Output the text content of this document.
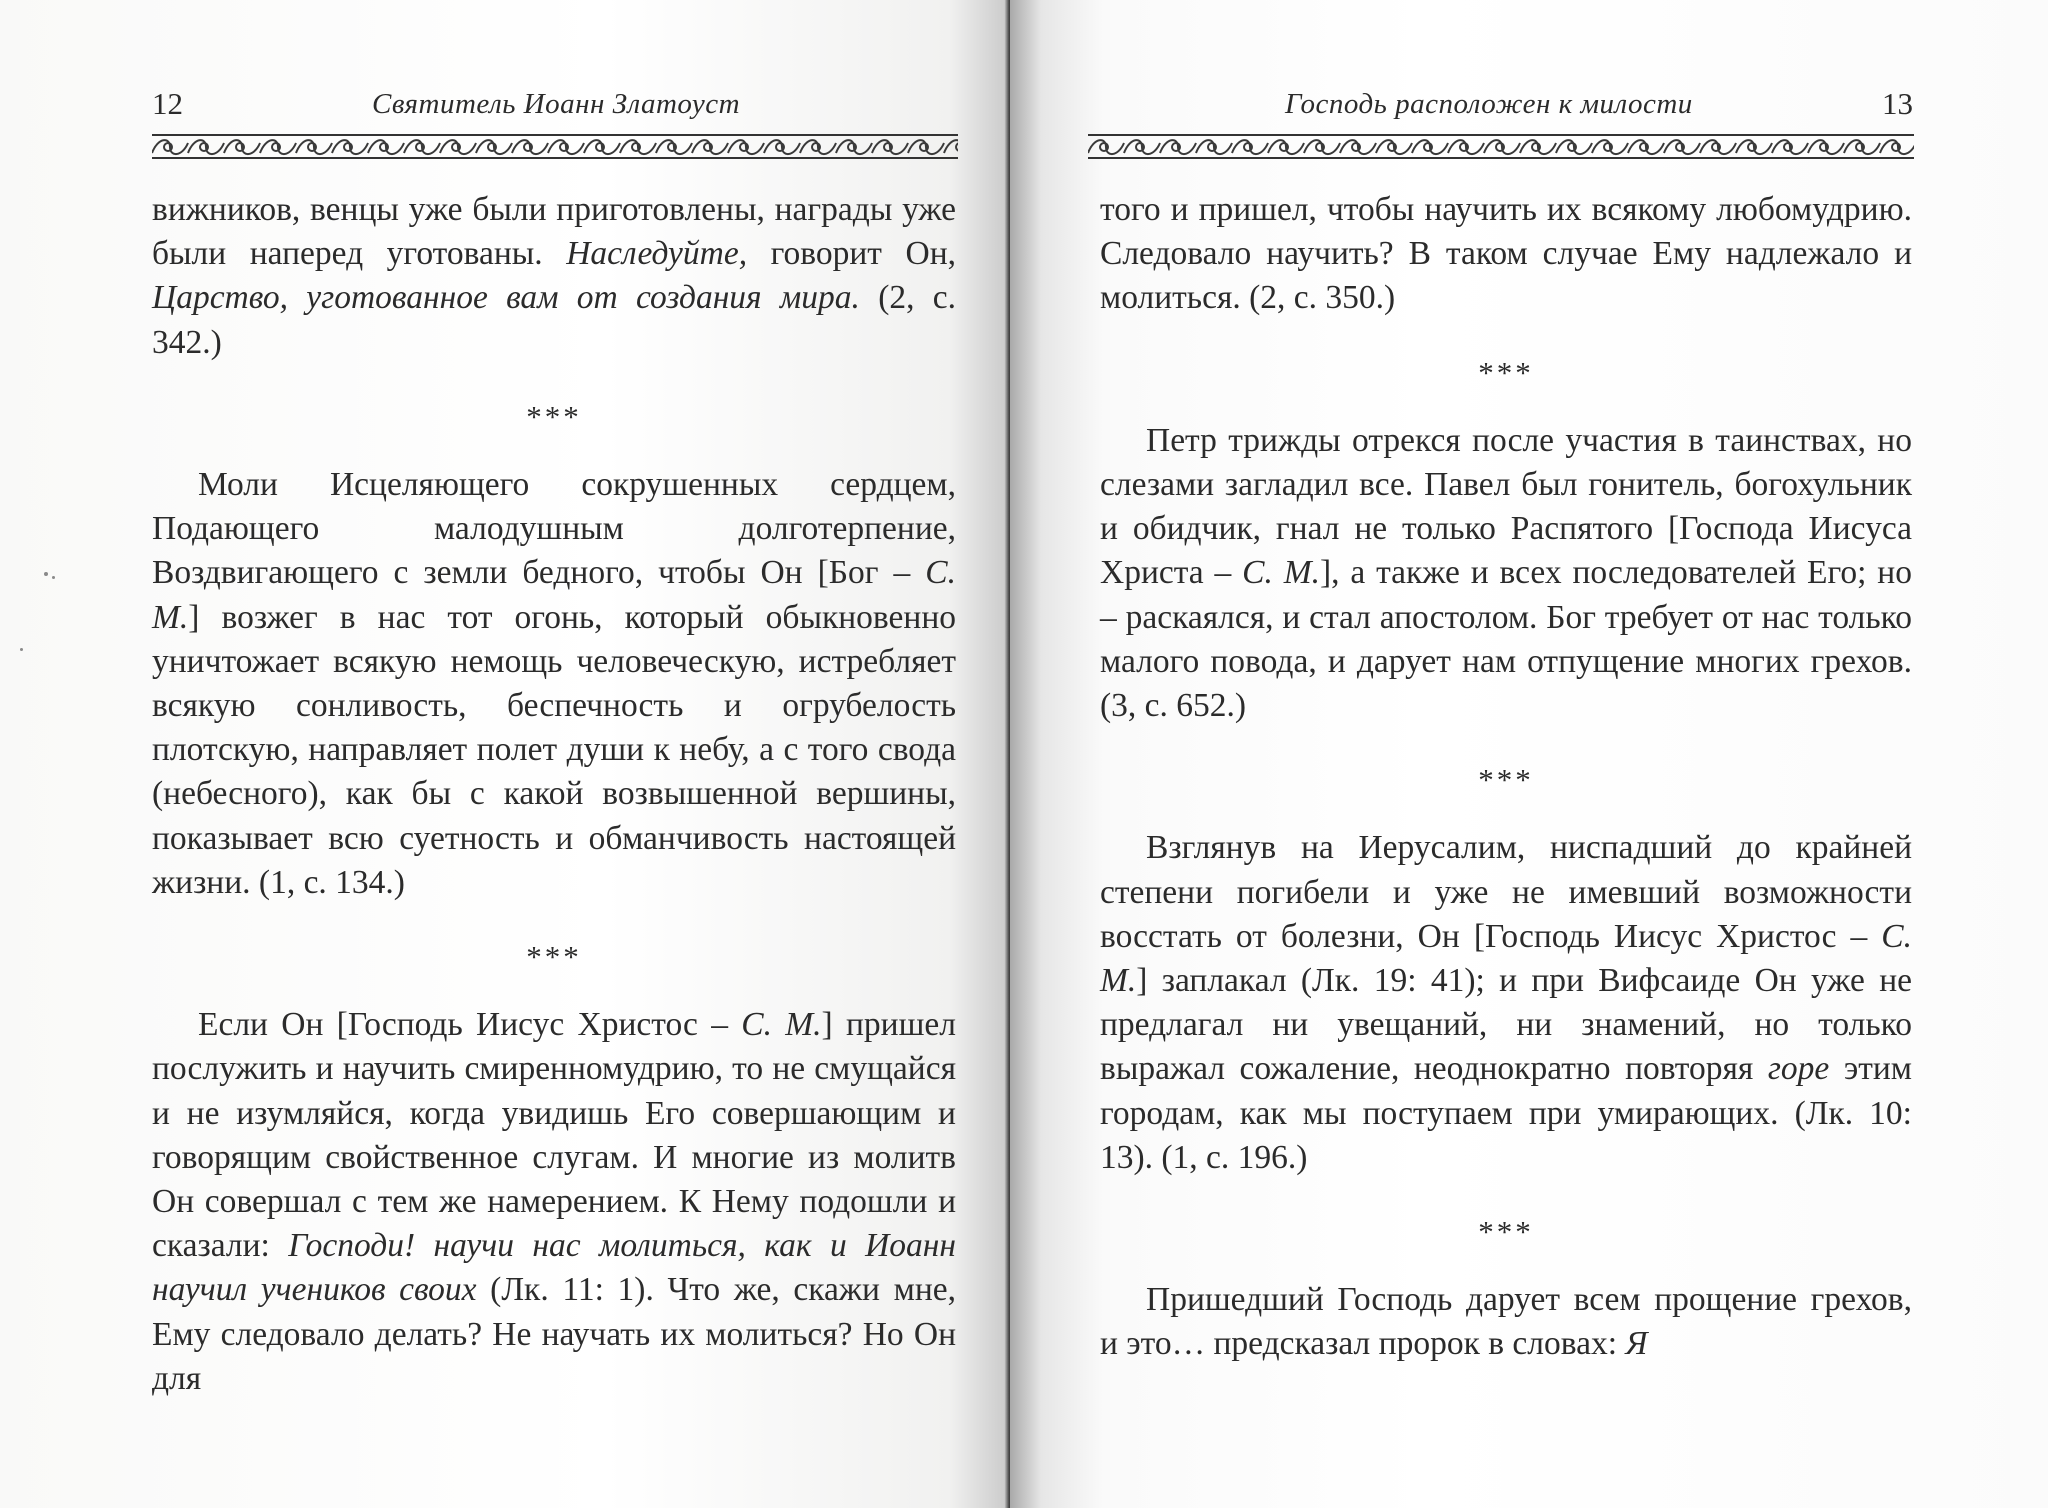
12	Святитель Иоанн Златоуст

вижников, венцы уже были приготовлены, награды уже были наперед уготованы. Наследуйте, говорит Он, Царство, уготованное вам от создания мира. (2, с. 342.)

***

Моли Исцеляющего сокрушенных сердцем, Подающего малодушным долготерпение, Воздвигающего с земли бедного, чтобы Он [Бог – С. М.] возжег в нас тот огонь, который обыкновенно уничтожает всякую немощь человеческую, истребляет всякую сонливость, беспечность и огрубелость плотскую, направляет полет души к небу, а с того свода (небесного), как бы с какой возвышенной вершины, показывает всю суетность и обманчивость настоящей жизни. (1, с. 134.)

***

Если Он [Господь Иисус Христос – С. М.] пришел послужить и научить смиренномудрию, то не смущайся и не изумляйся, когда увидишь Его совершающим и говорящим свойственное слугам. И многие из молитв Он совершал с тем же намерением. К Нему подошли и сказали: Господи! научи нас молиться, как и Иоанн научил учеников своих (Лк. 11: 1). Что же, скажи мне, Ему следовало делать? Не научать их молиться? Но Он для

Господь расположен к милости	13

того и пришел, чтобы научить их всякому любомудрию. Следовало научить? В таком случае Ему надлежало и молиться. (2, с. 350.)

***

Петр трижды отрекся после участия в таинствах, но слезами загладил все. Павел был гонитель, богохульник и обидчик, гнал не только Распятого [Господа Иисуса Христа – С. М.], а также и всех последователей Его; но – раскаялся, и стал апостолом. Бог требует от нас только малого повода, и дарует нам отпущение многих грехов. (3, с. 652.)

***

Взглянув на Иерусалим, ниспадший до крайней степени погибели и уже не имевший возможности восстать от болезни, Он [Господь Иисус Христос – С. М.] заплакал (Лк. 19: 41); и при Вифсаиде Он уже не предлагал ни увещаний, ни знамений, но только выражал сожаление, неоднократно повторяя горе этим городам, как мы поступаем при умирающих. (Лк. 10: 13). (1, с. 196.)

***

Пришедший Господь дарует всем прощение грехов, и это… предсказал пророк в словах: Я
